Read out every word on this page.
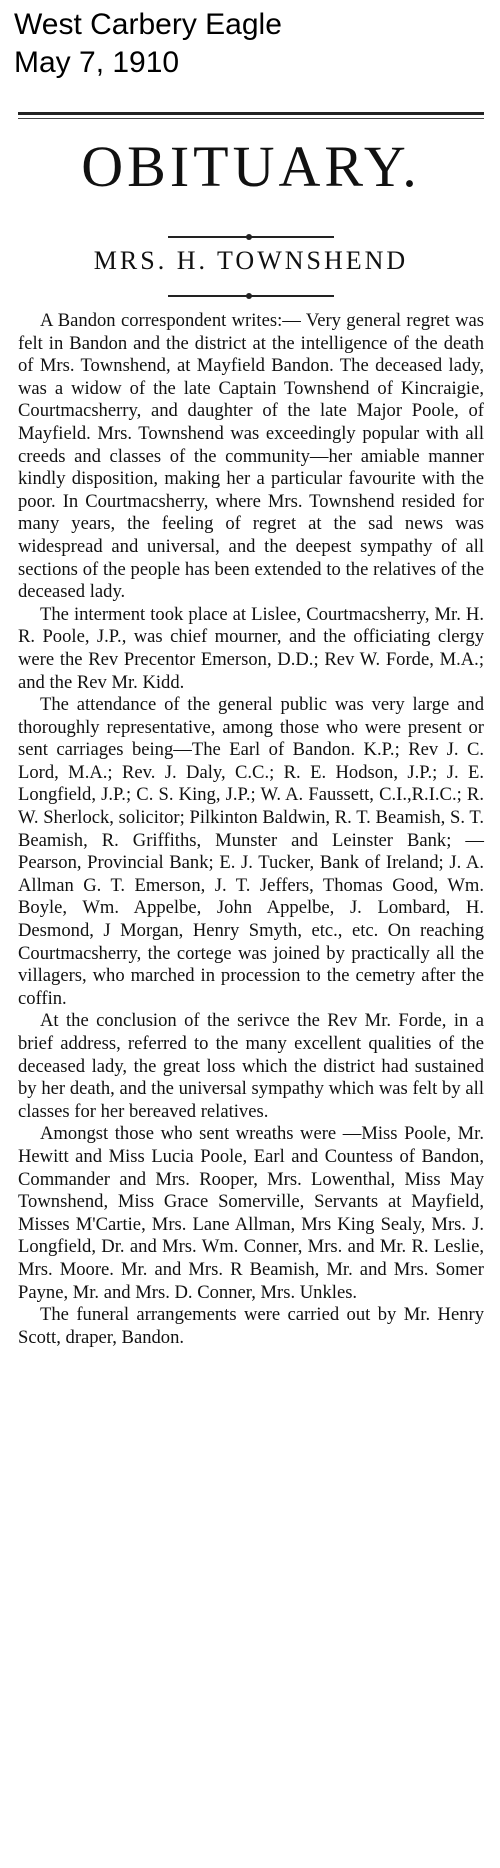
West Carbery Eagle
May 7, 1910
OBITUARY.
MRS. H. TOWNSHEND

A Bandon correspondent writes:— Very general regret was felt in Bandon and the district at the intelligence of the death of Mrs. Townshend, at Mayfield Bandon. The deceased lady, was a widow of the late Captain Townshend of Kincraigie, Courtmacsherry, and daughter of the late Major Poole, of Mayfield. Mrs. Townshend was exceedingly popular with all creeds and classes of the community—her amiable manner kindly disposition, making her a particular favourite with the poor. In Courtmacsherry, where Mrs. Townshend resided for many years, the feeling of regret at the sad news was widespread and universal, and the deepest sympathy of all sections of the people has been extended to the relatives of the deceased lady.

The interment took place at Lislee, Courtmacsherry, Mr. H. R. Poole, J.P., was chief mourner, and the officiating clergy were the Rev Precentor Emerson, D.D.; Rev W. Forde, M.A.; and the Rev Mr. Kidd.

The attendance of the general public was very large and thoroughly representative, among those who were present or sent carriages being—The Earl of Bandon. K.P.; Rev J. C. Lord, M.A.; Rev. J. Daly, C.C.; R. E. Hodson, J.P.; J. E. Longfield, J.P.; C. S. King, J.P.; W. A. Faussett, C.I.,R.I.C.; R. W. Sherlock, solicitor; Pilkinton Baldwin, R. T. Beamish, S. T. Beamish, R. Griffiths, Munster and Leinster Bank; — Pearson, Provincial Bank; E. J. Tucker, Bank of Ireland; J. A. Allman G. T. Emerson, J. T. Jeffers, Thomas Good, Wm. Boyle, Wm. Appelbe, John Appelbe, J. Lombard, H. Desmond, J Morgan, Henry Smyth, etc., etc. On reaching Courtmacsherry, the cortege was joined by practically all the villagers, who marched in procession to the cemetry after the coffin.

At the conclusion of the serivce the Rev Mr. Forde, in a brief address, referred to the many excellent qualities of the deceased lady, the great loss which the district had sustained by her death, and the universal sympathy which was felt by all classes for her bereaved relatives.

Amongst those who sent wreaths were —Miss Poole, Mr. Hewitt and Miss Lucia Poole, Earl and Countess of Bandon, Commander and Mrs. Rooper, Mrs. Lowenthal, Miss May Townshend, Miss Grace Somerville, Servants at Mayfield, Misses M'Cartie, Mrs. Lane Allman, Mrs King Sealy, Mrs. J. Longfield, Dr. and Mrs. Wm. Conner, Mrs. and Mr. R. Leslie, Mrs. Moore. Mr. and Mrs. R Beamish, Mr. and Mrs. Somer Payne, Mr. and Mrs. D. Conner, Mrs. Unkles.

The funeral arrangements were carried out by Mr. Henry Scott, draper, Bandon.
